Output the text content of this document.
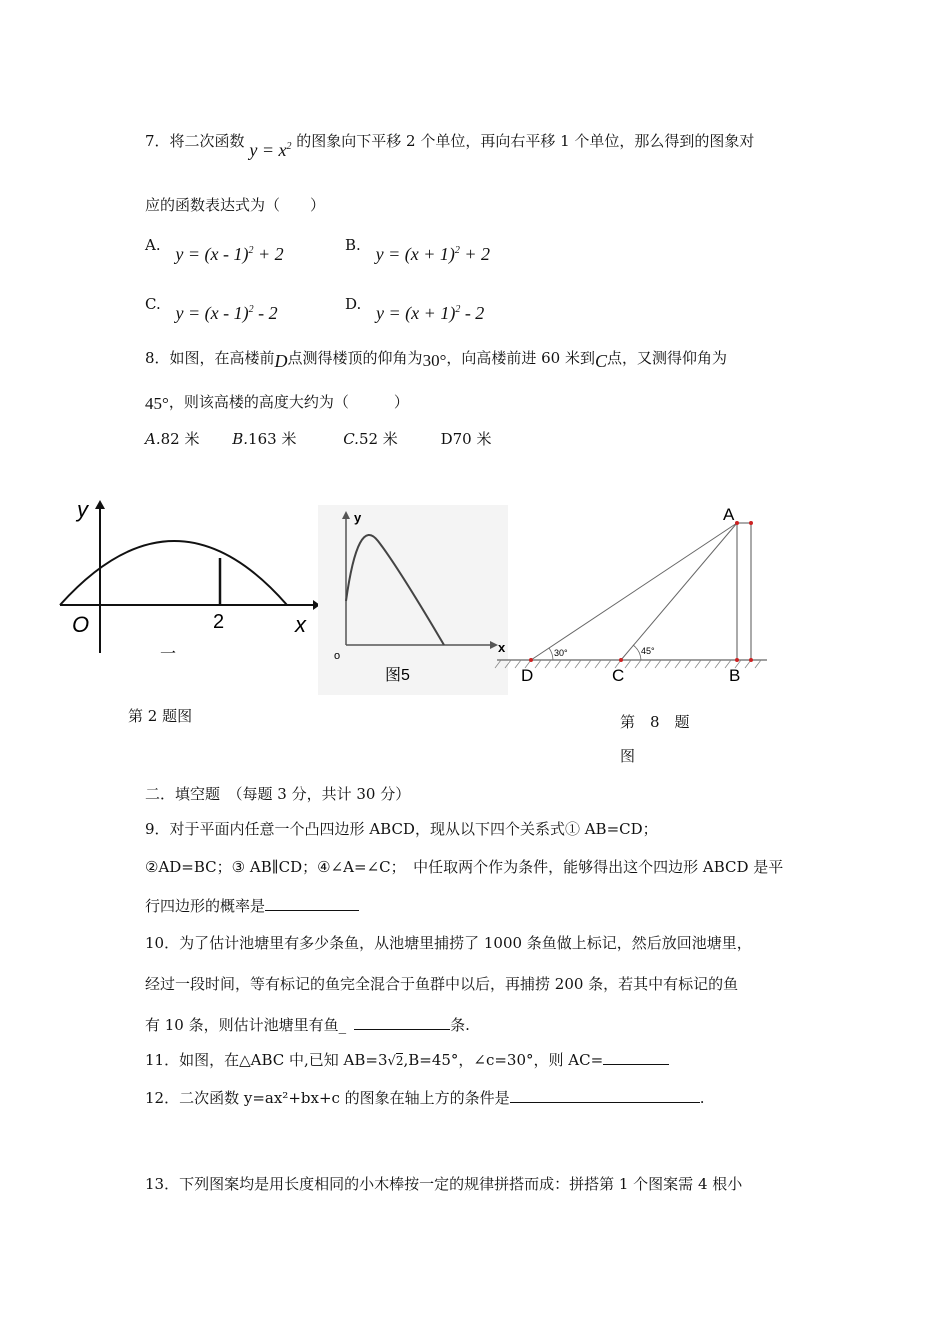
7．将二次函数 $y = x^2$ 的图象向下平移 2 个单位，再向右平移 1 个单位，那么得到的图象对
应的函数表达式为（　　）
A. y = (x - 1)$^2$ + 2	B. $y = (x + 1)^2 + 2$
C. y = (x - 1)$^2$ - 2	D. $y = (x + 1)^2 - 2$
8．如图，在高楼前D点测得楼顶的仰角为30°，向高楼前进 60 米到C点，又测得仰角为
45°，则该高楼的高度大约为（　　　）
A.82 米 B.163 米	C.52 米	D70 米
y
O	2	x
一
第 2 题图
y
o
x
图5
A
D	C	B
30°	45°
第　8　题
图
二．填空题　（每题 3 分，共计 30 分）
9．对于平面内任意一个凸四边形 ABCD，现从以下四个关系式① AB=CD；
②AD=BC；③ AB∥CD；④∠A=∠C；　中任取两个作为条件，能够得出这个四边形 ABCD 是平
行四边形的概率是
10．为了估计池塘里有多少条鱼，从池塘里捕捞了 1000 条鱼做上标记，然后放回池塘里，
经过一段时间，等有标记的鱼完全混合于鱼群中以后，再捕捞 200 条，若其中有标记的鱼
有 10 条，则估计池塘里有鱼_	条.
11．如图，在△ABC 中,已知 AB=3√2,B=45°，∠c=30°，则 AC=
12．二次函数 y=ax²+bx+c 的图象在轴上方的条件是	.
13．下列图案均是用长度相同的小木棒按一定的规律拼搭而成：拼搭第 1 个图案需 4 根小
